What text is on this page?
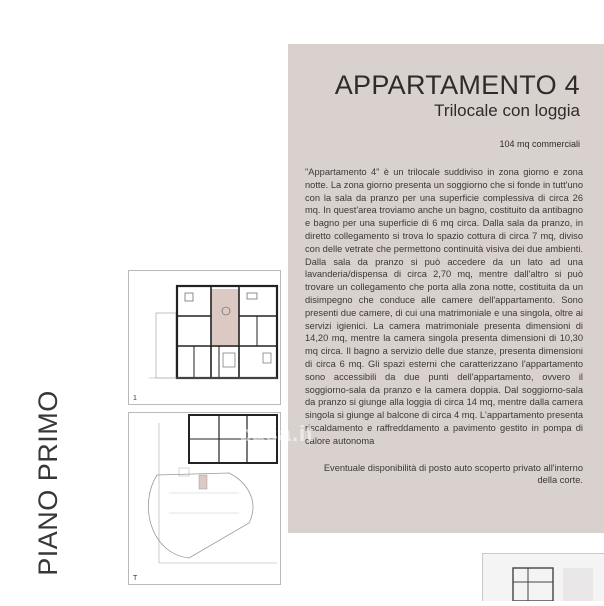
PIANO PRIMO	1
T
APPARTAMENTO 4
Trilocale con loggia
104 mq commerciali

"Appartamento 4" è un trilocale suddiviso in zona giorno e zona notte. La zona giorno presenta un soggiorno che si fonde in tutt'uno con la sala da pranzo per una superficie complessiva di circa 26 mq. In quest'area troviamo anche un bagno, costituito da antibagno e bagno per una superficie di 6 mq circa. Dalla sala da pranzo, in diretto collegamento si trova lo spazio cottura di circa 7 mq, diviso con delle vetrate che permettono continuità visiva dei due ambienti. Dalla sala da pranzo si può accedere da un lato ad una lavanderia/dispensa di circa 2,70 mq, mentre dall'altro si può trovare un collegamento che porta alla zona notte, costituita da un disimpegno che conduce alle camere dell'appartamento. Sono presenti due camere, di cui una matrimoniale e una singola, oltre ai servizi igienici. La camera matrimoniale presenta dimensioni di 14,20 mq, mentre la camera singola presenta dimensioni di 10,30 mq circa. Il bagno a servizio delle due stanze, presenta dimensioni di circa 6 mq. Gli spazi esterni che caratterizzano l'appartamento sono accessibili da due punti dell'appartamento, ovvero il soggiorno-sala da pranzo e la camera doppia. Dal soggiorno-sala da pranzo si giunge alla loggia di circa 14 mq, mentre dalla camera singola si giunge al balcone di circa 4 mq. L'appartamento presenta riscaldamento e raffreddamento a pavimento gestito in pompa di calore autonoma

Eventuale disponibilità di posto auto scoperto privato all'interno della corte.

casa.it
